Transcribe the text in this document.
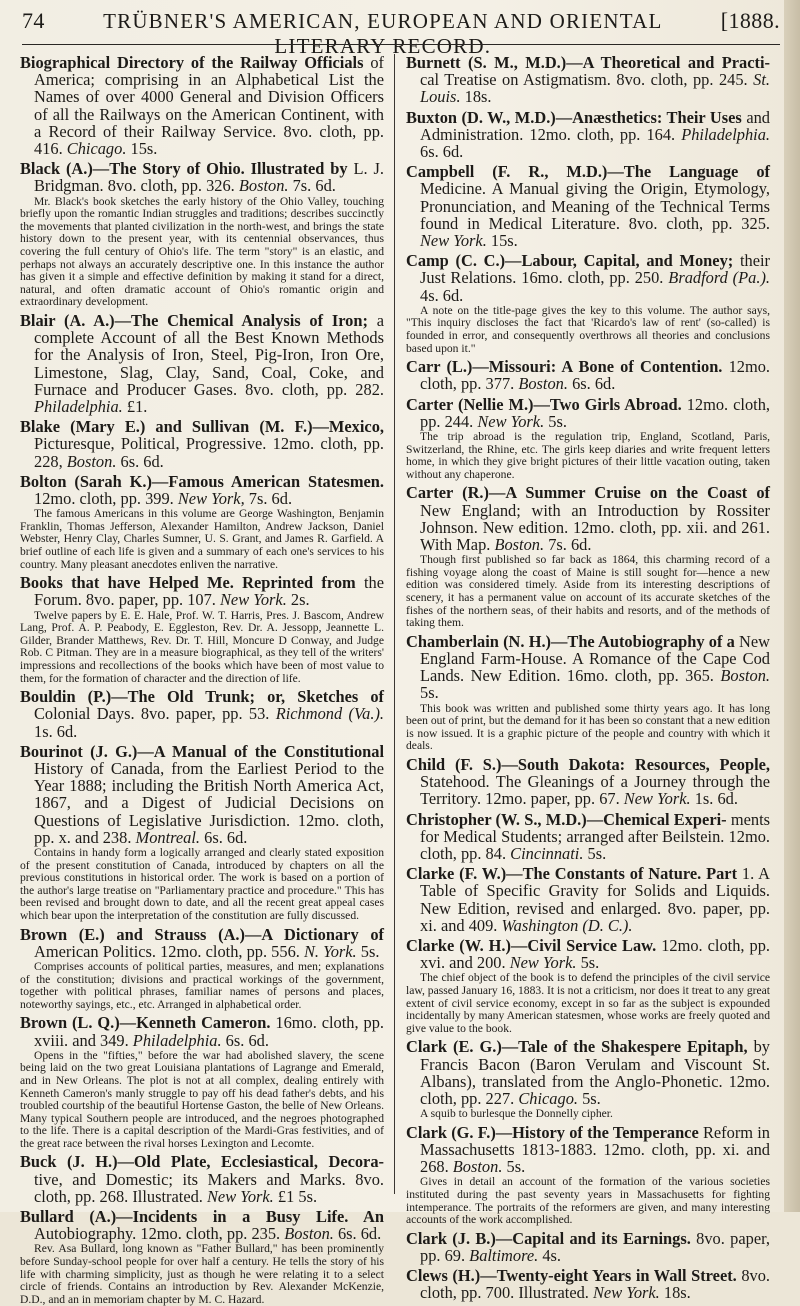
74	TRÜBNER'S AMERICAN, EUROPEAN AND ORIENTAL LITERARY RECORD.
[1888.

Biographical Directory of the Railway Officials of America; comprising in an Alphabetical List the Names of over 4000 General and Division Officers of all the Railways on the American Continent, with a Record of their Railway Service. 8vo. cloth, pp. 416. Chicago. 15s.

Black (A.)—The Story of Ohio. Illustrated by L. J. Bridgman. 8vo. cloth, pp. 326. Boston. 7s. 6d.

Mr. Black's book sketches the early history of the Ohio Valley, touching briefly upon the romantic Indian struggles and traditions; describes succinctly the movements that planted civilization in the north-west, and brings the state history down to the present year, with its centennial observances, thus covering the full century of Ohio's life. The term "story" is an elastic, and perhaps not always an accurately descriptive one. In this instance the author has given it a simple and effective definition by making it stand for a direct, natural, and often dramatic account of Ohio's romantic origin and extraordinary development.

Blair (A. A.)—The Chemical Analysis of Iron; a complete Account of all the Best Known Methods for the Analysis of Iron, Steel, Pig-Iron, Iron Ore, Limestone, Slag, Clay, Sand, Coal, Coke, and Furnace and Producer Gases. 8vo. cloth, pp. 282. Philadelphia. £1.

Blake (Mary E.) and Sullivan (M. F.)—Mexico, Picturesque, Political, Progressive. 12mo. cloth, pp. 228, Boston. 6s. 6d.

Bolton (Sarah K.)—Famous American Statesmen. 12mo. cloth, pp. 399. New York, 7s. 6d.

The famous Americans in this volume are George Washington, Benjamin Franklin, Thomas Jefferson, Alexander Hamilton, Andrew Jackson, Daniel Webster, Henry Clay, Charles Sumner, U. S. Grant, and James R. Garfield. A brief outline of each life is given and a summary of each one's services to his country. Many pleasant anecdotes enliven the narrative.

Books that have Helped Me. Reprinted from the Forum. 8vo. paper, pp. 107. New York. 2s.

Twelve papers by E. E. Hale, Prof. W. T. Harris, Pres. J. Bascom, Andrew Lang, Prof. A. P. Peabody, E. Eggleston, Rev. Dr. A. Jessopp, Jeannette L. Gilder, Brander Matthews, Rev. Dr. T. Hill, Moncure D Conway, and Judge Rob. C Pitman. They are in a measure biographical, as they tell of the writers' impressions and recollections of the books which have been of most value to them, for the formation of character and the direction of life.

Bouldin (P.)—The Old Trunk; or, Sketches of Colonial Days. 8vo. paper, pp. 53. Richmond (Va.). 1s. 6d.

Bourinot (J. G.)—A Manual of the Constitutional History of Canada, from the Earliest Period to the Year 1888; including the British North America Act, 1867, and a Digest of Judicial Decisions on Questions of Legislative Jurisdiction. 12mo. cloth, pp. x. and 238. Montreal. 6s. 6d.

Contains in handy form a logically arranged and clearly stated exposition of the present constitution of Canada, introduced by chapters on all the previous constitutions in historical order. The work is based on a portion of the author's large treatise on "Parliamentary practice and procedure." This has been revised and brought down to date, and all the recent great appeal cases which bear upon the interpretation of the constitution are fully discussed.

Brown (E.) and Strauss (A.)—A Dictionary of American Politics. 12mo. cloth, pp. 556. N. York. 5s.

Comprises accounts of political parties, measures, and men; explanations of the constitution; divisions and practical workings of the government, together with political phrases, familiar names of persons and places, noteworthy sayings, etc., etc. Arranged in alphabetical order.

Brown (L. Q.)—Kenneth Cameron. 16mo. cloth, pp. xviii. and 349. Philadelphia. 6s. 6d.

Opens in the "fifties," before the war had abolished slavery, the scene being laid on the two great Louisiana plantations of Lagrange and Emerald, and in New Orleans. The plot is not at all complex, dealing entirely with Kenneth Cameron's manly struggle to pay off his dead father's debts, and his troubled courtship of the beautiful Hortense Gaston, the belle of New Orleans. Many typical Southern people are introduced, and the negroes photographed to the life. There is a capital description of the Mardi-Gras festivities, and of the great race between the rival horses Lexington and Lecomte.

Buck (J. H.)—Old Plate, Ecclesiastical, Decora- tive, and Domestic; its Makers and Marks. 8vo. cloth, pp. 268. Illustrated. New York. £1 5s.

Bullard (A.)—Incidents in a Busy Life. An Autobiography. 12mo. cloth, pp. 235. Boston. 6s. 6d.

Rev. Asa Bullard, long known as "Father Bullard," has been prominently before Sunday-school people for over half a century. He tells the story of his life with charming simplicity, just as though he were relating it to a select circle of friends. Contains an introduction by Rev. Alexander McKenzie, D.D., and an in memoriam chapter by M. C. Hazard.

Burnett (S. M., M.D.)—A Theoretical and Practi- cal Treatise on Astigmatism. 8vo. cloth, pp. 245. St. Louis. 18s.

Buxton (D. W., M.D.)—Anæsthetics: Their Uses and Administration. 12mo. cloth, pp. 164. Philadelphia. 6s. 6d.

Campbell (F. R., M.D.)—The Language of Medicine. A Manual giving the Origin, Etymology, Pronunciation, and Meaning of the Technical Terms found in Medical Literature. 8vo. cloth, pp. 325. New York. 15s.

Camp (C. C.)—Labour, Capital, and Money; their Just Relations. 16mo. cloth, pp. 250. Bradford (Pa.). 4s. 6d.

A note on the title-page gives the key to this volume. The author says, "This inquiry discloses the fact that 'Ricardo's law of rent' (so-called) is founded in error, and consequently overthrows all theories and conclusions based upon it."

Carr (L.)—Missouri: A Bone of Contention. 12mo. cloth, pp. 377. Boston. 6s. 6d.

Carter (Nellie M.)—Two Girls Abroad. 12mo. cloth, pp. 244. New York. 5s.

The trip abroad is the regulation trip, England, Scotland, Paris, Switzerland, the Rhine, etc. The girls keep diaries and write frequent letters home, in which they give bright pictures of their little vacation outing, taken without any chaperone.

Carter (R.)—A Summer Cruise on the Coast of New England; with an Introduction by Rossiter Johnson. New edition. 12mo. cloth, pp. xii. and 261. With Map. Boston. 7s. 6d.

Though first published so far back as 1864, this charming record of a fishing voyage along the coast of Maine is still sought for—hence a new edition was considered timely. Aside from its interesting descriptions of scenery, it has a permanent value on account of its accurate sketches of the fishes of the northern seas, of their habits and resorts, and of the methods of taking them.

Chamberlain (N. H.)—The Autobiography of a New England Farm-House. A Romance of the Cape Cod Lands. New Edition. 16mo. cloth, pp. 365. Boston. 5s.

This book was written and published some thirty years ago. It has long been out of print, but the demand for it has been so constant that a new edition is now issued. It is a graphic picture of the people and country with which it deals.

Child (F. S.)—South Dakota: Resources, People, Statehood. The Gleanings of a Journey through the Territory. 12mo. paper, pp. 67. New York. 1s. 6d.

Christopher (W. S., M.D.)—Chemical Experi- ments for Medical Students; arranged after Beilstein. 12mo. cloth, pp. 84. Cincinnati. 5s.

Clarke (F. W.)—The Constants of Nature. Part 1. A Table of Specific Gravity for Solids and Liquids. New Edition, revised and enlarged. 8vo. paper, pp. xi. and 409. Washington (D. C.).

Clarke (W. H.)—Civil Service Law. 12mo. cloth, pp. xvi. and 200. New York. 5s.

The chief object of the book is to defend the principles of the civil service law, passed January 16, 1883. It is not a criticism, nor does it treat to any great extent of civil service economy, except in so far as the subject is expounded incidentally by many American statesmen, whose works are freely quoted and give value to the book.

Clark (E. G.)—Tale of the Shakespere Epitaph, by Francis Bacon (Baron Verulam and Viscount St. Albans), translated from the Anglo-Phonetic. 12mo. cloth, pp. 227. Chicago. 5s.

A squib to burlesque the Donnelly cipher.

Clark (G. F.)—History of the Temperance Reform in Massachusetts 1813-1883. 12mo. cloth, pp. xi. and 268. Boston. 5s.

Gives in detail an account of the formation of the various societies instituted during the past seventy years in Massachusetts for fighting intemperance. The portraits of the reformers are given, and many interesting accounts of the work accomplished.

Clark (J. B.)—Capital and its Earnings. 8vo. paper, pp. 69. Baltimore. 4s.

Clews (H.)—Twenty-eight Years in Wall Street. 8vo. cloth, pp. 700. Illustrated. New York. 18s.
